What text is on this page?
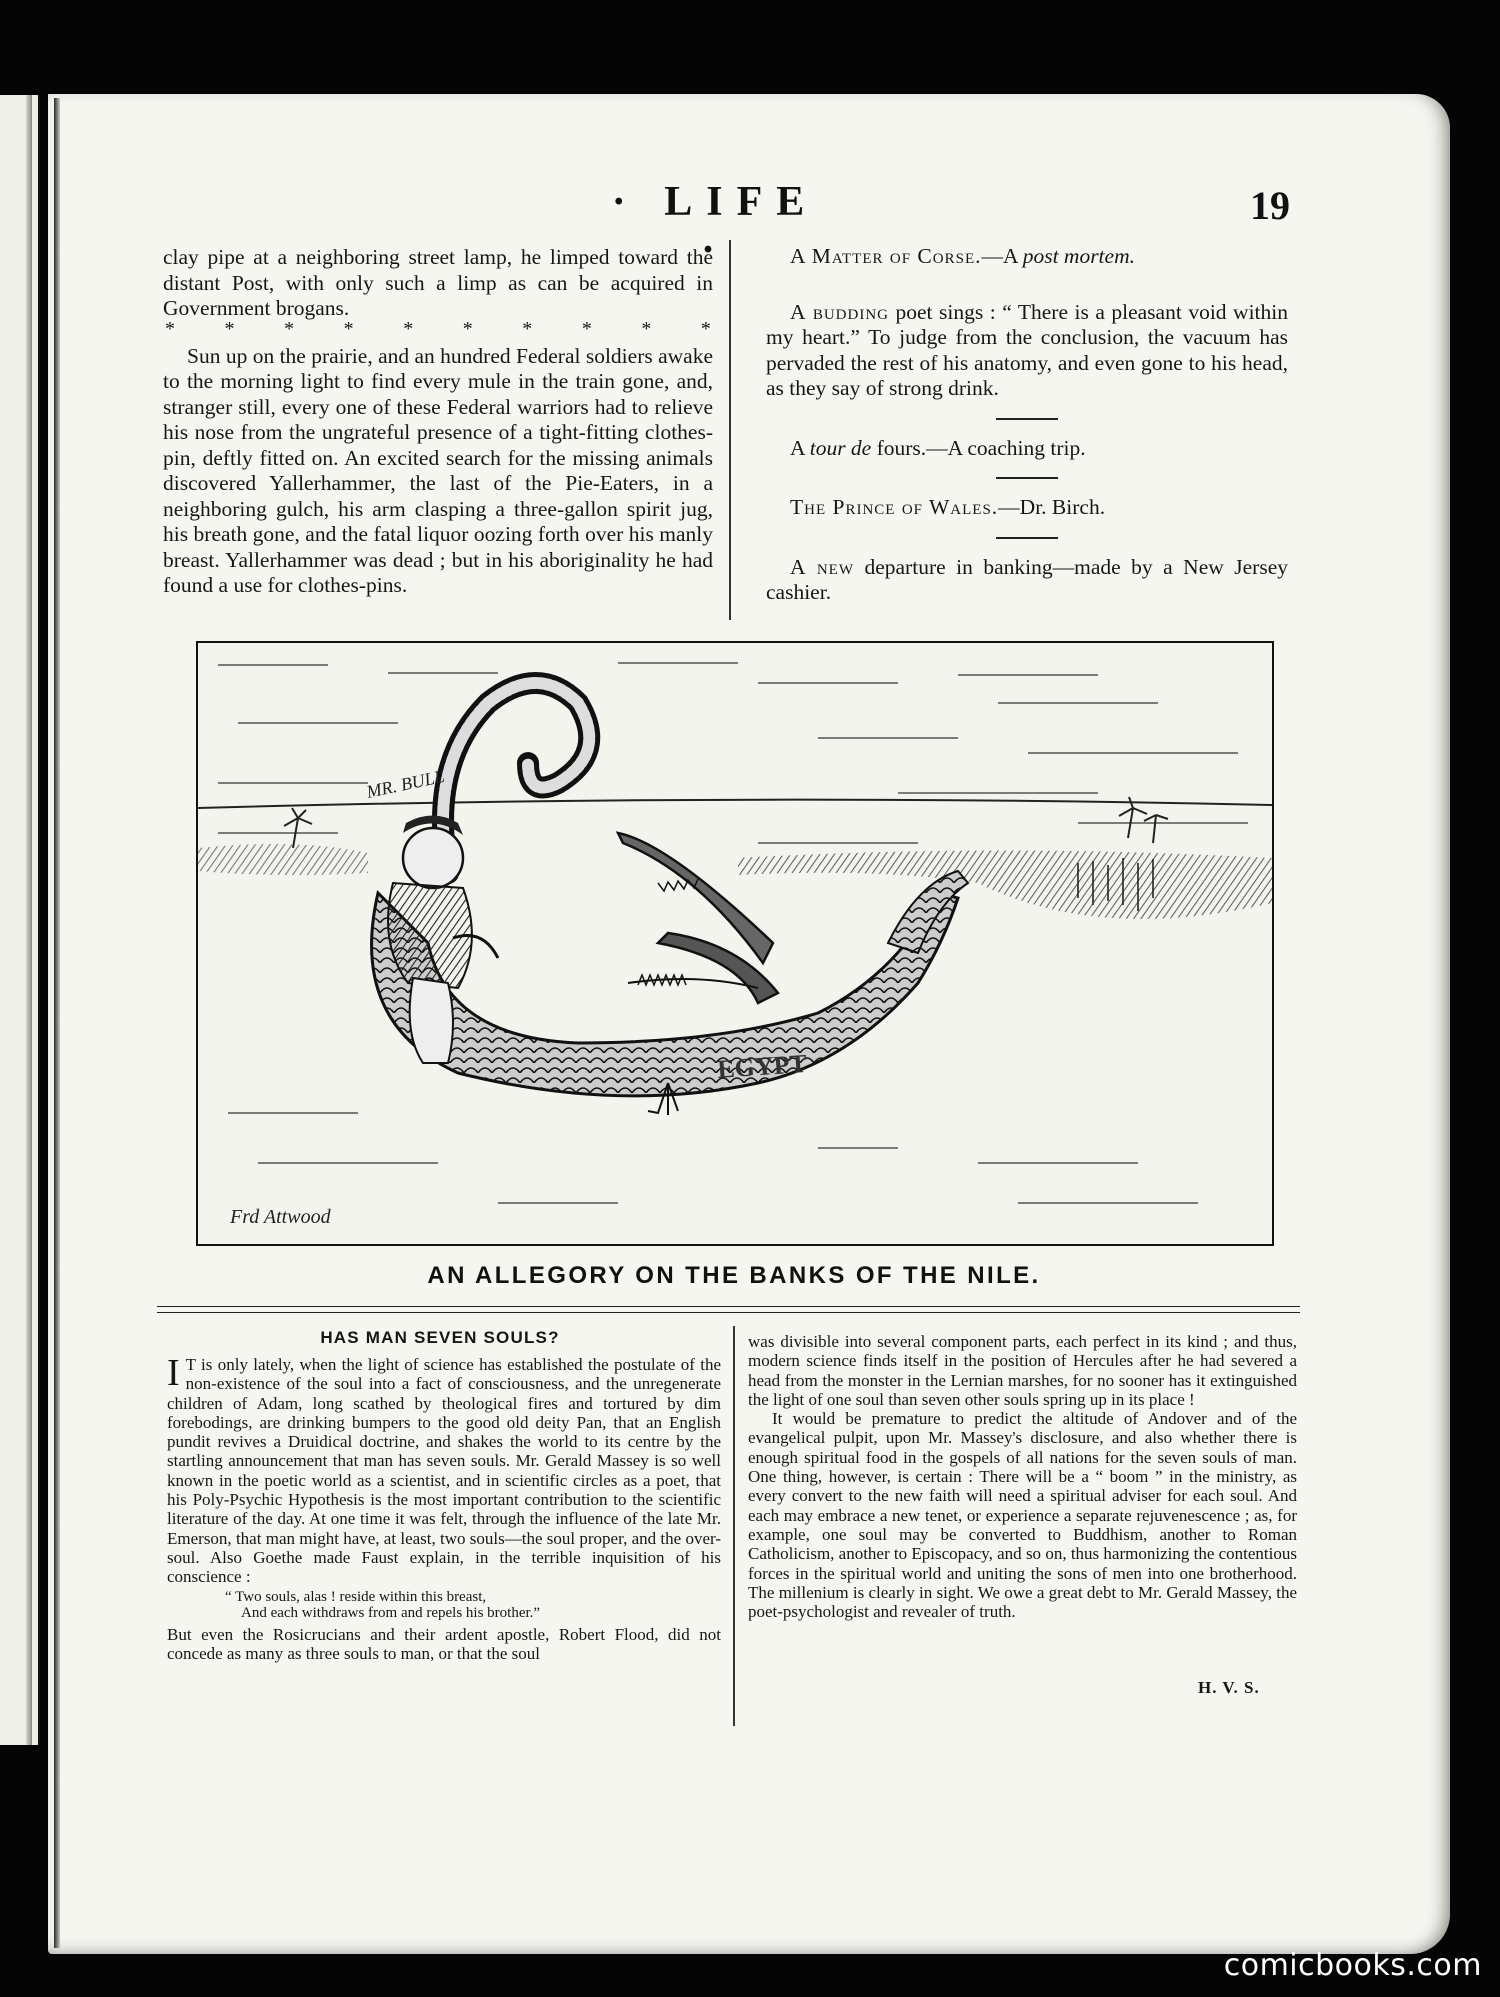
· LIFE ·
19

clay pipe at a neighboring street lamp, he limped toward the distant Post, with only such a limp as can be acquired in Government brogans.

* * * * * * * * * *

Sun up on the prairie, and an hundred Federal soldiers awake to the morning light to find every mule in the train gone, and, stranger still, every one of these Federal warriors had to relieve his nose from the ungrateful presence of a tight-fitting clothes-pin, deftly fitted on. An excited search for the missing animals discovered Yallerhammer, the last of the Pie-Eaters, in a neighboring gulch, his arm clasping a three-gallon spirit jug, his breath gone, and the fatal liquor oozing forth over his manly breast. Yallerhammer was dead ; but in his aboriginality he had found a use for clothes-pins.

A Matter of Corse.—A post mortem.

A budding poet sings : “ There is a pleasant void within my heart.” To judge from the conclusion, the vacuum has pervaded the rest of his anatomy, and even gone to his head, as they say of strong drink.

A tour de fours.—A coaching trip.

The Prince of Wales.—Dr. Birch.

A new departure in banking—made by a New Jersey cashier.

MR. BULL
EGYPT
Frd Attwood
AN ALLEGORY ON THE BANKS OF THE NILE.
HAS MAN SEVEN SOULS?

I T is only lately, when the light of science has established the postulate of the non-existence of the soul into a fact of consciousness, and the unregenerate children of Adam, long scathed by theological fires and tortured by dim forebodings, are drinking bumpers to the good old deity Pan, that an English pundit revives a Druidical doctrine, and shakes the world to its centre by the startling announcement that man has seven souls. Mr. Gerald Massey is so well known in the poetic world as a scientist, and in scientific circles as a poet, that his Poly-Psychic Hypothesis is the most important contribution to the scientific literature of the day. At one time it was felt, through the influence of the late Mr. Emerson, that man might have, at least, two souls—the soul proper, and the over-soul. Also Goethe made Faust explain, in the terrible inquisition of his conscience :

“ Two souls, alas ! reside within this breast,

And each withdraws from and repels his brother.”

But even the Rosicrucians and their ardent apostle, Robert Flood, did not concede as many as three souls to man, or that the soul

was divisible into several component parts, each perfect in its kind ; and thus, modern science finds itself in the position of Hercules after he had severed a head from the monster in the Lernian marshes, for no sooner has it extinguished the light of one soul than seven other souls spring up in its place !

It would be premature to predict the altitude of Andover and of the evangelical pulpit, upon Mr. Massey's disclosure, and also whether there is enough spiritual food in the gospels of all nations for the seven souls of man. One thing, however, is certain : There will be a “ boom ” in the ministry, as every convert to the new faith will need a spiritual adviser for each soul. And each may embrace a new tenet, or experience a separate rejuvenescence ; as, for example, one soul may be converted to Buddhism, another to Roman Catholicism, another to Episcopacy, and so on, thus harmonizing the contentious forces in the spiritual world and uniting the sons of men into one brotherhood. The millenium is clearly in sight. We owe a great debt to Mr. Gerald Massey, the poet-psychologist and revealer of truth.

H. V. S.
comicbooks.com
